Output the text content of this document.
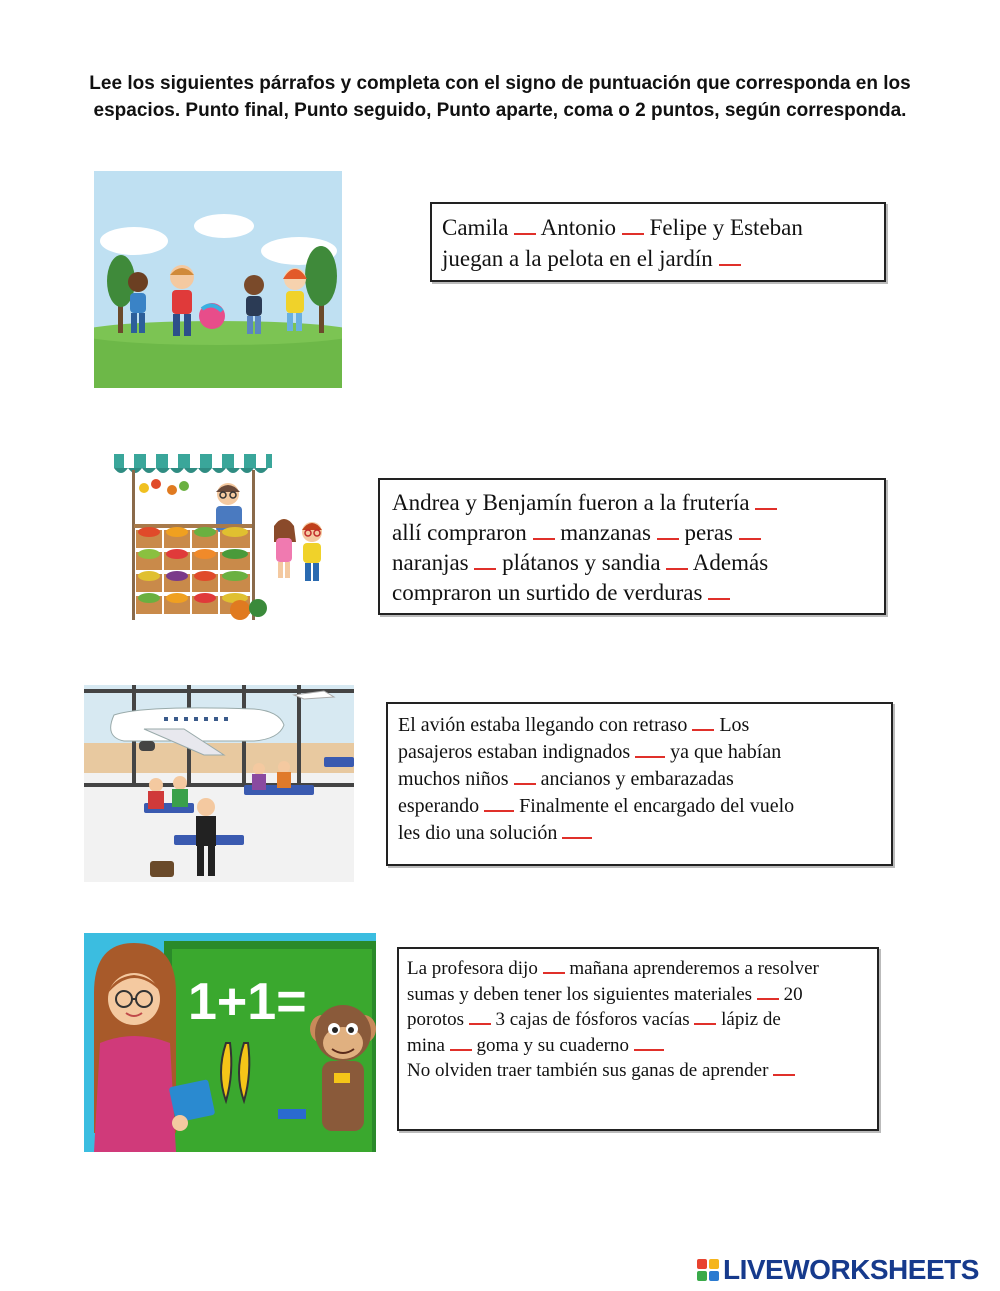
Lee los siguientes párrafos y completa con el signo de puntuación que corresponda en los

espacios. Punto final, Punto seguido, Punto aparte, coma o 2 puntos, según corresponda.

Camila  Antonio  Felipe y Esteban

juegan a la pelota en el jardín

Andrea y Benjamín fueron a la frutería

allí compraron  manzanas  peras

naranjas  plátanos y sandia  Además

compraron un surtido de verduras

El avión estaba llegando con retraso  Los

pasajeros estaban indignados  ya que habían

muchos niños  ancianos y embarazadas

esperando  Finalmente el encargado del vuelo

les dio una solución

1+1=

La profesora dijo  mañana aprenderemos a resolver

sumas y deben tener los siguientes materiales  20

porotos  3 cajas de fósforos vacías  lápiz de

mina  goma y su cuaderno

No olviden traer también sus ganas de aprender

LIVEWORKSHEETS
